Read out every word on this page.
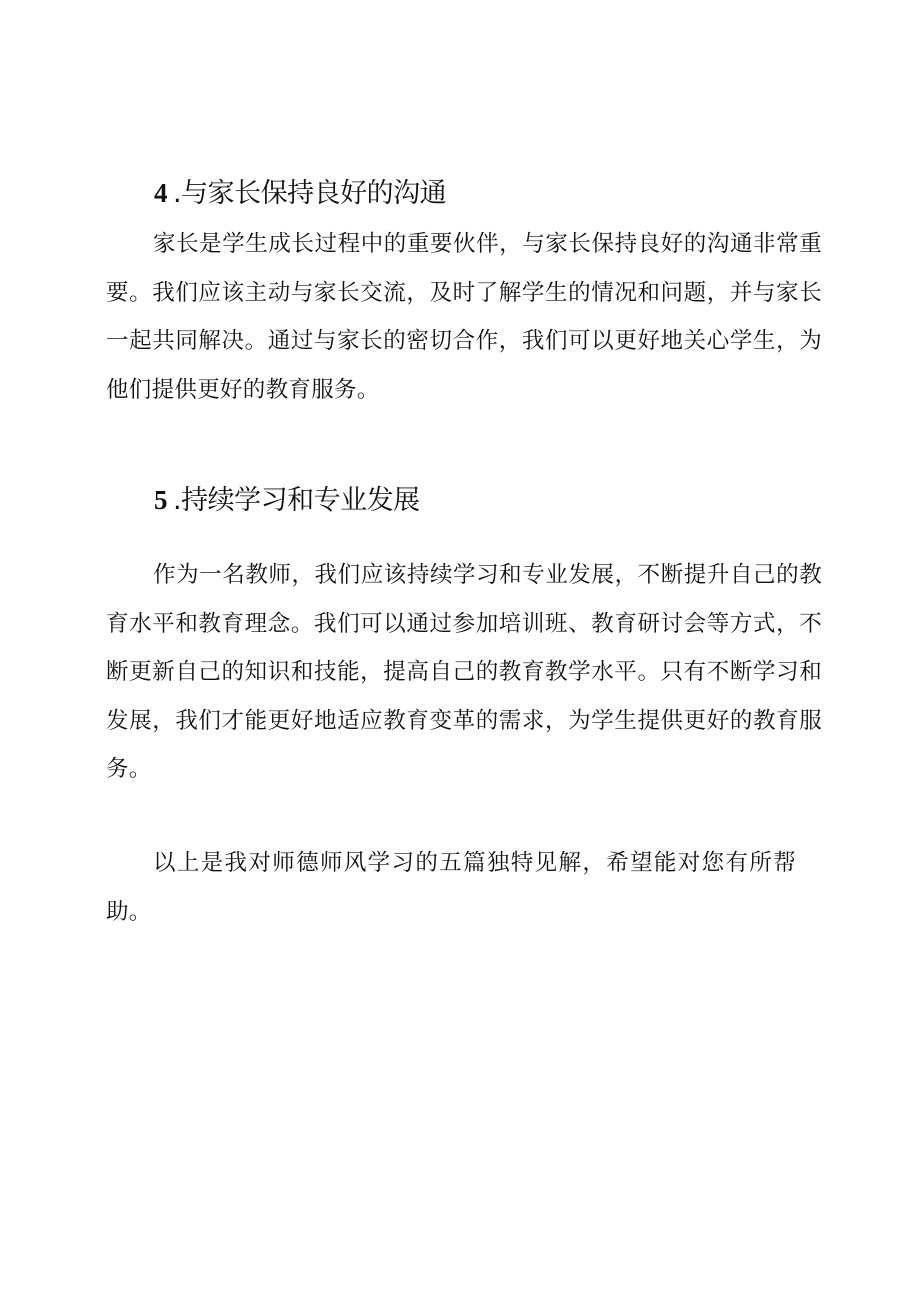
4 .与家长保持良好的沟通

家长是学生成长过程中的重要伙伴，与家长保持良好的沟通非常重要。我们应该主动与家长交流，及时了解学生的情况和问题，并与家长一起共同解决。通过与家长的密切合作，我们可以更好地关心学生，为他们提供更好的教育服务。

5 .持续学习和专业发展

作为一名教师，我们应该持续学习和专业发展，不断提升自己的教育水平和教育理念。我们可以通过参加培训班、教育研讨会等方式，不断更新自己的知识和技能，提高自己的教育教学水平。只有不断学习和发展，我们才能更好地适应教育变革的需求，为学生提供更好的教育服务。

以上是我对师德师风学习的五篇独特见解，希望能对您有所帮助。
